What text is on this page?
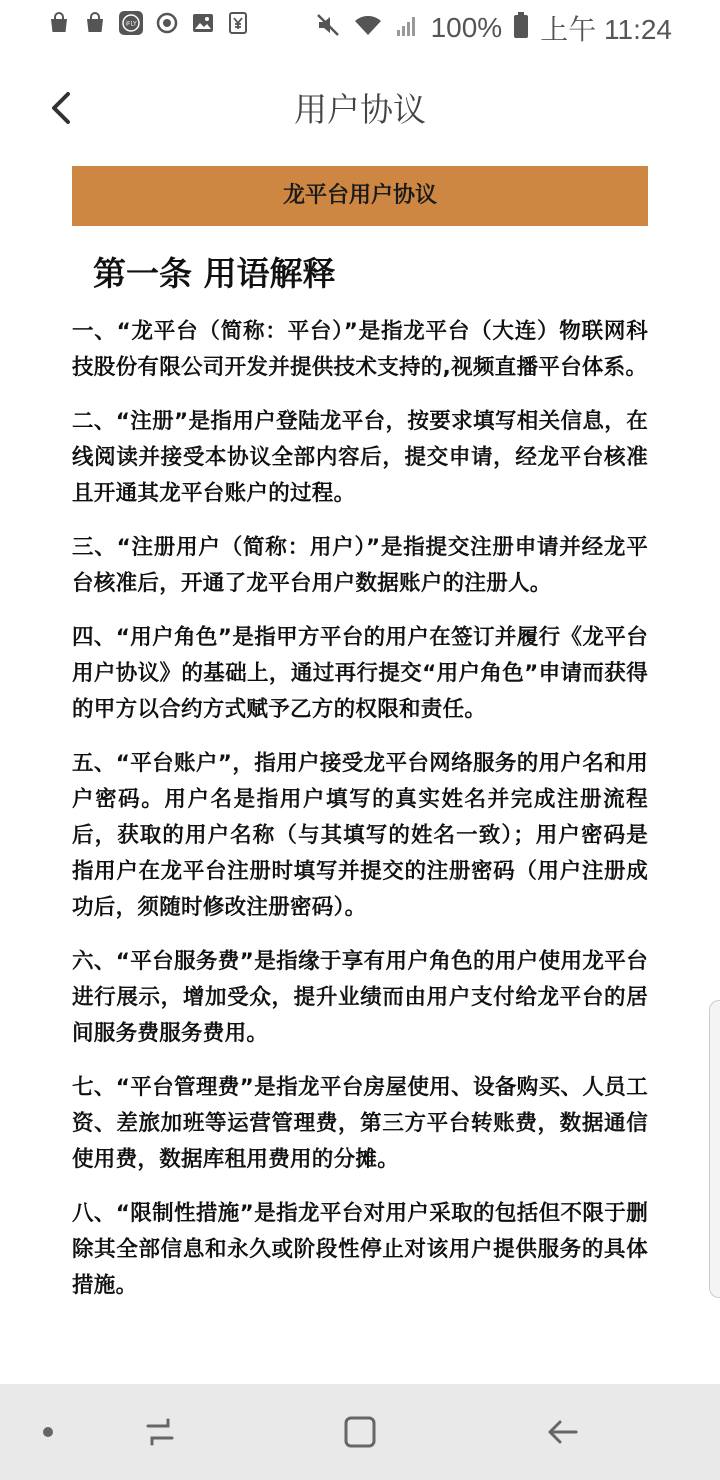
iFLY	100% 上午 11:24
用户协议
龙平台用户协议
第一条 用语解释

一、“龙平台（简称：平台）”是指龙平台（大连）物联网科技股份有限公司开发并提供技术支持的,视频直播平台体系。

二、“注册”是指用户登陆龙平台，按要求填写相关信息，在线阅读并接受本协议全部内容后，提交申请，经龙平台核准且开通其龙平台账户的过程。

三、“注册用户（简称：用户）”是指提交注册申请并经龙平台核准后，开通了龙平台用户数据账户的注册人。

四、“用户角色”是指甲方平台的用户在签订并履行《龙平台用户协议》的基础上，通过再行提交“用户角色”申请而获得的甲方以合约方式赋予乙方的权限和责任。

五、“平台账户”，指用户接受龙平台网络服务的用户名和用户密码。用户名是指用户填写的真实姓名并完成注册流程后，获取的用户名称（与其填写的姓名一致）；用户密码是指用户在龙平台注册时填写并提交的注册密码（用户注册成功后，须随时修改注册密码）。

六、“平台服务费”是指缘于享有用户角色的用户使用龙平台进行展示，增加受众，提升业绩而由用户支付给龙平台的居间服务费服务费用。

七、“平台管理费”是指龙平台房屋使用、设备购买、人员工资、差旅加班等运营管理费，第三方平台转账费，数据通信使用费，数据库租用费用的分摊。

八、“限制性措施”是指龙平台对用户采取的包括但不限于删除其全部信息和永久或阶段性停止对该用户提供服务的具体措施。
